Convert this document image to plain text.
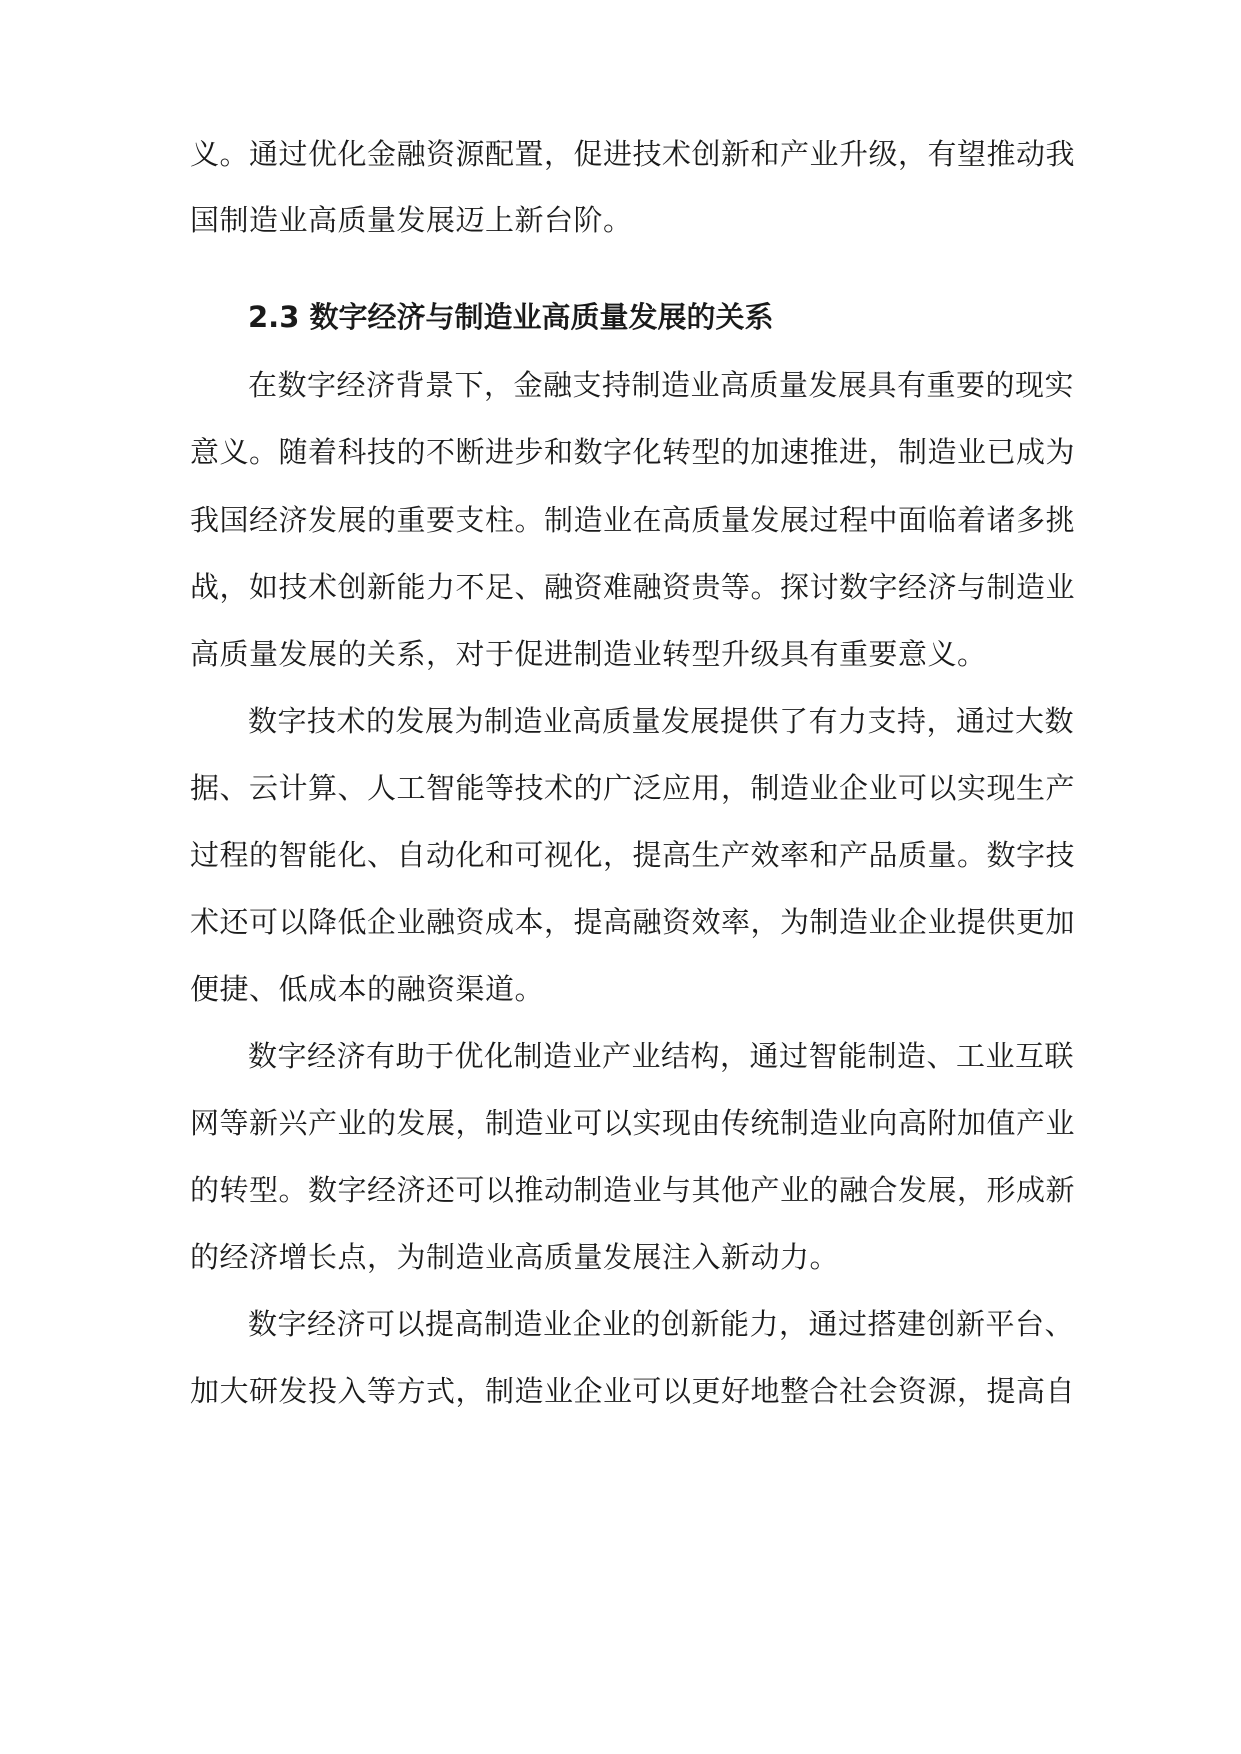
义。通过优化金融资源配置，促进技术创新和产业升级，有望推动我
国制造业高质量发展迈上新台阶。
2.3 数字经济与制造业高质量发展的关系
在数字经济背景下，金融支持制造业高质量发展具有重要的现实
意义。随着科技的不断进步和数字化转型的加速推进，制造业已成为
我国经济发展的重要支柱。制造业在高质量发展过程中面临着诸多挑
战，如技术创新能力不足、融资难融资贵等。探讨数字经济与制造业
高质量发展的关系，对于促进制造业转型升级具有重要意义。
数字技术的发展为制造业高质量发展提供了有力支持，通过大数
据、云计算、人工智能等技术的广泛应用，制造业企业可以实现生产
过程的智能化、自动化和可视化，提高生产效率和产品质量。数字技
术还可以降低企业融资成本，提高融资效率，为制造业企业提供更加
便捷、低成本的融资渠道。
数字经济有助于优化制造业产业结构，通过智能制造、工业互联
网等新兴产业的发展，制造业可以实现由传统制造业向高附加值产业
的转型。数字经济还可以推动制造业与其他产业的融合发展，形成新
的经济增长点，为制造业高质量发展注入新动力。
数字经济可以提高制造业企业的创新能力，通过搭建创新平台、
加大研发投入等方式，制造业企业可以更好地整合社会资源，提高自
